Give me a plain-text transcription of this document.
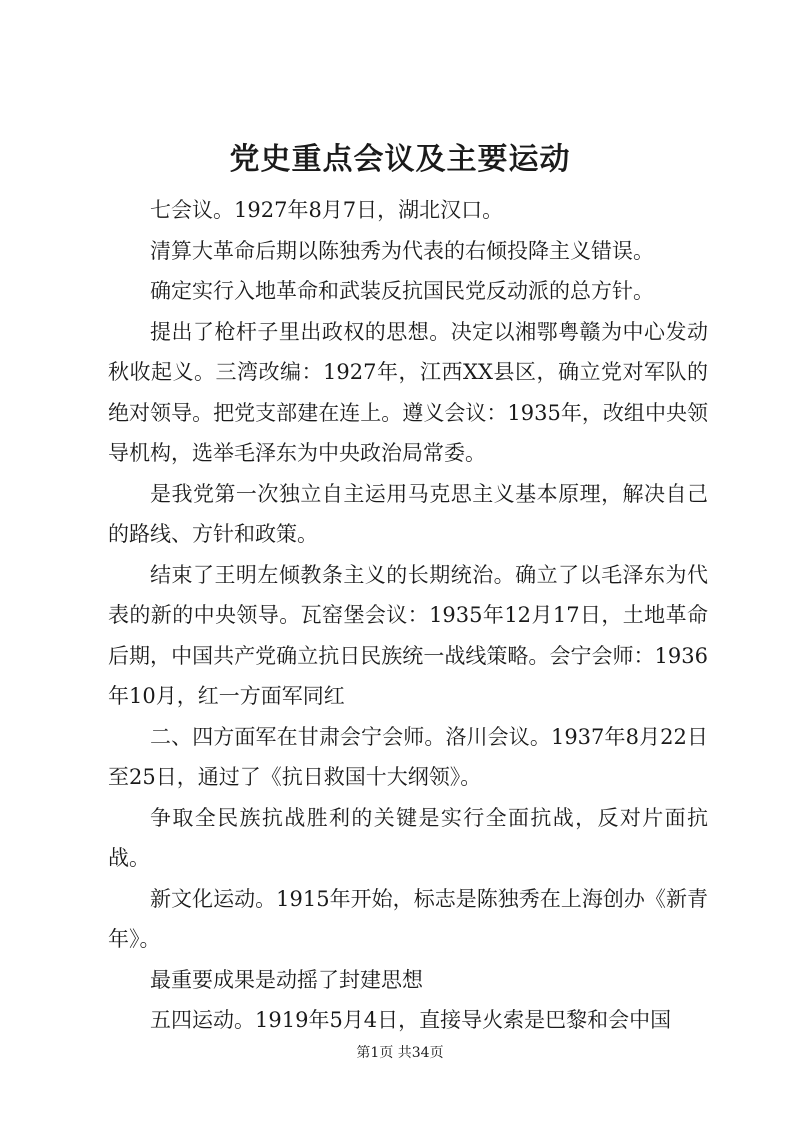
党史重点会议及主要运动

七会议。1927年8月7日，湖北汉口。

清算大革命后期以陈独秀为代表的右倾投降主义错误。

确定实行入地革命和武装反抗国民党反动派的总方针。

提出了枪杆子里出政权的思想。决定以湘鄂粤赣为中心发动秋收起义。三湾改编：1927年，江西XX县区，确立党对军队的绝对领导。把党支部建在连上。遵义会议：1935年，改组中央领导机构，选举毛泽东为中央政治局常委。

是我党第一次独立自主运用马克思主义基本原理，解决自己的路线、方针和政策。

结束了王明左倾教条主义的长期统治。确立了以毛泽东为代表的新的中央领导。瓦窑堡会议：1935年12月17日，土地革命后期，中国共产党确立抗日民族统一战线策略。会宁会师：1936年10月，红一方面军同红

二、四方面军在甘肃会宁会师。洛川会议。1937年8月22日至25日，通过了《抗日救国十大纲领》。

争取全民族抗战胜利的关键是实行全面抗战，反对片面抗战。

新文化运动。1915年开始，标志是陈独秀在上海创办《新青年》。

最重要成果是动摇了封建思想

五四运动。1919年5月4日，直接导火索是巴黎和会中国

第1页 共34页
